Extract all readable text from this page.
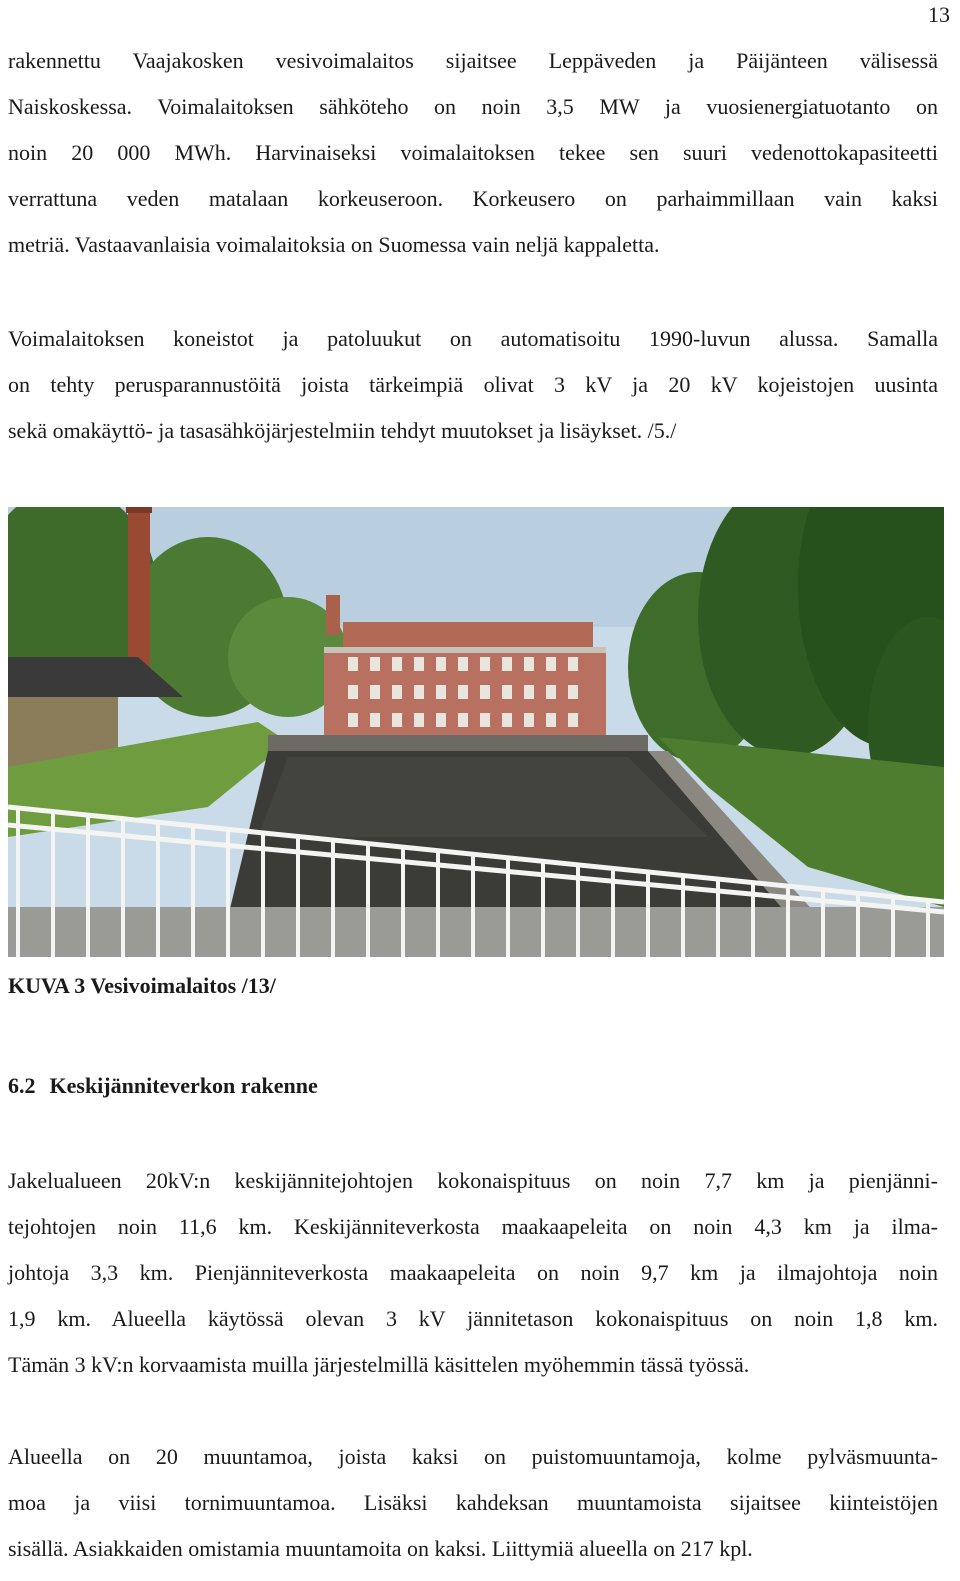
13
rakennettu Vaajakosken vesivoimalaitos sijaitsee Leppäveden ja Päijänteen välisessä
Naiskoskessa. Voimalaitoksen sähköteho on noin 3,5 MW ja vuosienergiatuotanto on
noin 20 000 MWh. Harvinaiseksi voimalaitoksen tekee sen suuri vedenottokapasiteetti
verrattuna veden matalaan korkeuseroon. Korkeusero on parhaimmillaan vain kaksi
metriä. Vastaavanlaisia voimalaitoksia on Suomessa vain neljä kappaletta.
Voimalaitoksen koneistot ja patoluukut on automatisoitu 1990-luvun alussa. Samalla
on tehty perusparannustöitä joista tärkeimpiä olivat 3 kV ja 20 kV kojeistojen uusinta
sekä omakäyttö- ja tasasähköjärjestelmiin tehdyt muutokset ja lisäykset. /5./
KUVA 3 Vesivoimalaitos /13/
6.2 Keskijänniteverkon rakenne
Jakelualueen 20kV:n keskijännitejohtojen kokonaispituus on noin 7,7 km ja pienjänni-
tejohtojen noin 11,6 km. Keskijänniteverkosta maakaapeleita on noin 4,3 km ja ilma-
johtoja 3,3 km. Pienjänniteverkosta maakaapeleita on noin 9,7 km ja ilmajohtoja noin
1,9 km. Alueella käytössä olevan 3 kV jännitetason kokonaispituus on noin 1,8 km.
Tämän 3 kV:n korvaamista muilla järjestelmillä käsittelen myöhemmin tässä työssä.
Alueella on 20 muuntamoa, joista kaksi on puistomuuntamoja, kolme pylväsmuunta-
moa ja viisi tornimuuntamoa. Lisäksi kahdeksan muuntamoista sijaitsee kiinteistöjen
sisällä. Asiakkaiden omistamia muuntamoita on kaksi. Liittymiä alueella on 217 kpl.
